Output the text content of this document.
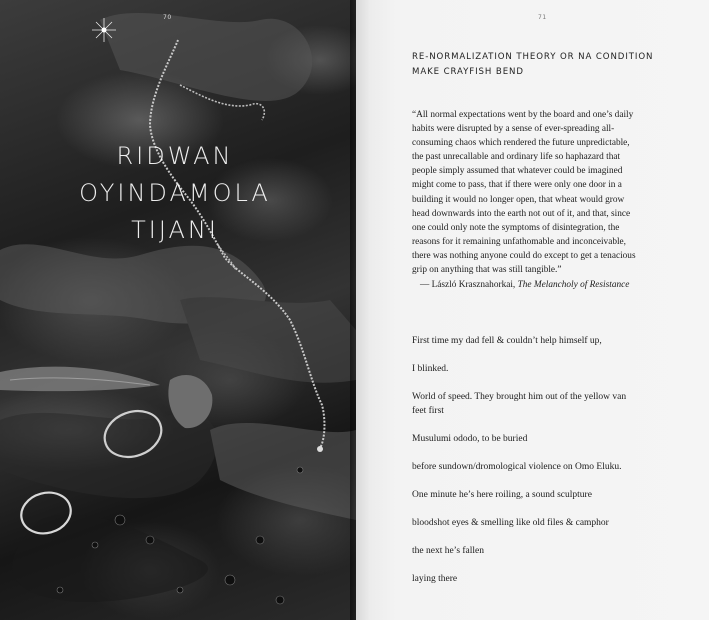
70
RIDWAN
OYINDAMOLA
TIJANI
71
RE-NORMALIZATION THEORY OR NA CONDITION
MAKE CRAYFISH BEND
“All normal expectations went by the board and one’s daily
habits were disrupted by a sense of ever-spreading all-
consuming chaos which rendered the future unpredictable,
the past unrecallable and ordinary life so haphazard that
people simply assumed that whatever could be imagined
might come to pass, that if there were only one door in a
building it would no longer open, that wheat would grow
head downwards into the earth not out of it, and that, since
one could only note the symptoms of disintegration, the
reasons for it remaining unfathomable and inconceivable,
there was nothing anyone could do except to get a tenacious
grip on anything that was still tangible.”
— László Krasznahorkai, The Melancholy of Resistance
First time my dad fell & couldn’t help himself up,
I blinked.
World of speed. They brought him out of the yellow van
feet first
Musulumi ododo, to be buried
before sundown/dromological violence on Omo Eluku.
One minute he’s here roiling, a sound sculpture
bloodshot eyes & smelling like old files & camphor
the next he’s fallen
laying there
